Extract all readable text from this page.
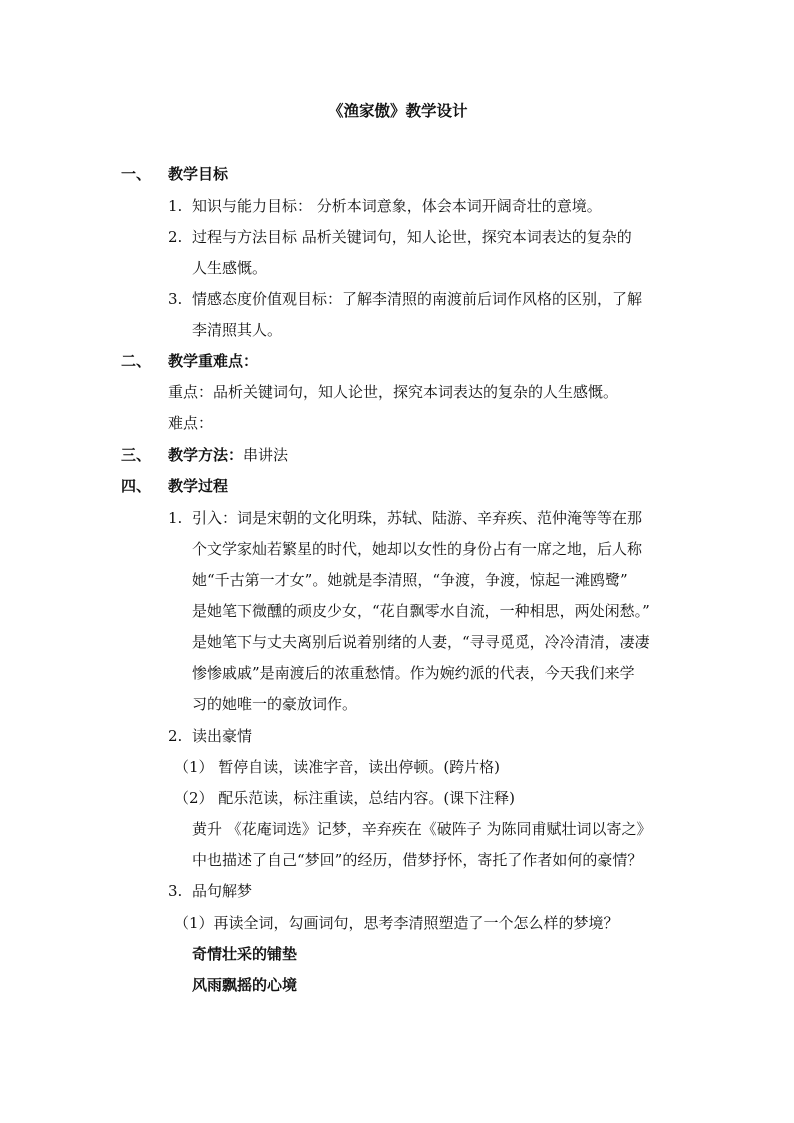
《渔家傲》教学设计
一、 教学目标
1. 知识与能力目标： 分析本词意象，体会本词开阔奇壮的意境。
2. 过程与方法目标 品析关键词句，知人论世，探究本词表达的复杂的
人生感慨。
3. 情感态度价值观目标：了解李清照的南渡前后词作风格的区别，了解
李清照其人。
二、 教学重难点：
重点：品析关键词句，知人论世，探究本词表达的复杂的人生感慨。
难点：
三、 教学方法：串讲法
四、 教学过程
1. 引入：词是宋朝的文化明珠，苏轼、陆游、辛弃疾、范仲淹等等在那
个文学家灿若繁星的时代，她却以女性的身份占有一席之地，后人称
她“千古第一才女”。她就是李清照，“争渡，争渡，惊起一滩鸥鹭”
是她笔下微醺的顽皮少女，“花自飘零水自流，一种相思，两处闲愁。”
是她笔下与丈夫离别后说着别绪的人妻，“寻寻觅觅，冷冷清清，凄凄
惨惨戚戚”是南渡后的浓重愁情。作为婉约派的代表，今天我们来学
习的她唯一的豪放词作。
2. 读出豪情
（1） 暂停自读，读准字音，读出停顿。(跨片格)
（2） 配乐范读，标注重读，总结内容。(课下注释)
黄升 《花庵词选》记梦，辛弃疾在《破阵子 为陈同甫赋壮词以寄之》
中也描述了自己“梦回”的经历，借梦抒怀，寄托了作者如何的豪情？
3. 品句解梦
（1）再读全词，勾画词句，思考李清照塑造了一个怎么样的梦境？
奇情壮采的铺垫
风雨飘摇的心境
